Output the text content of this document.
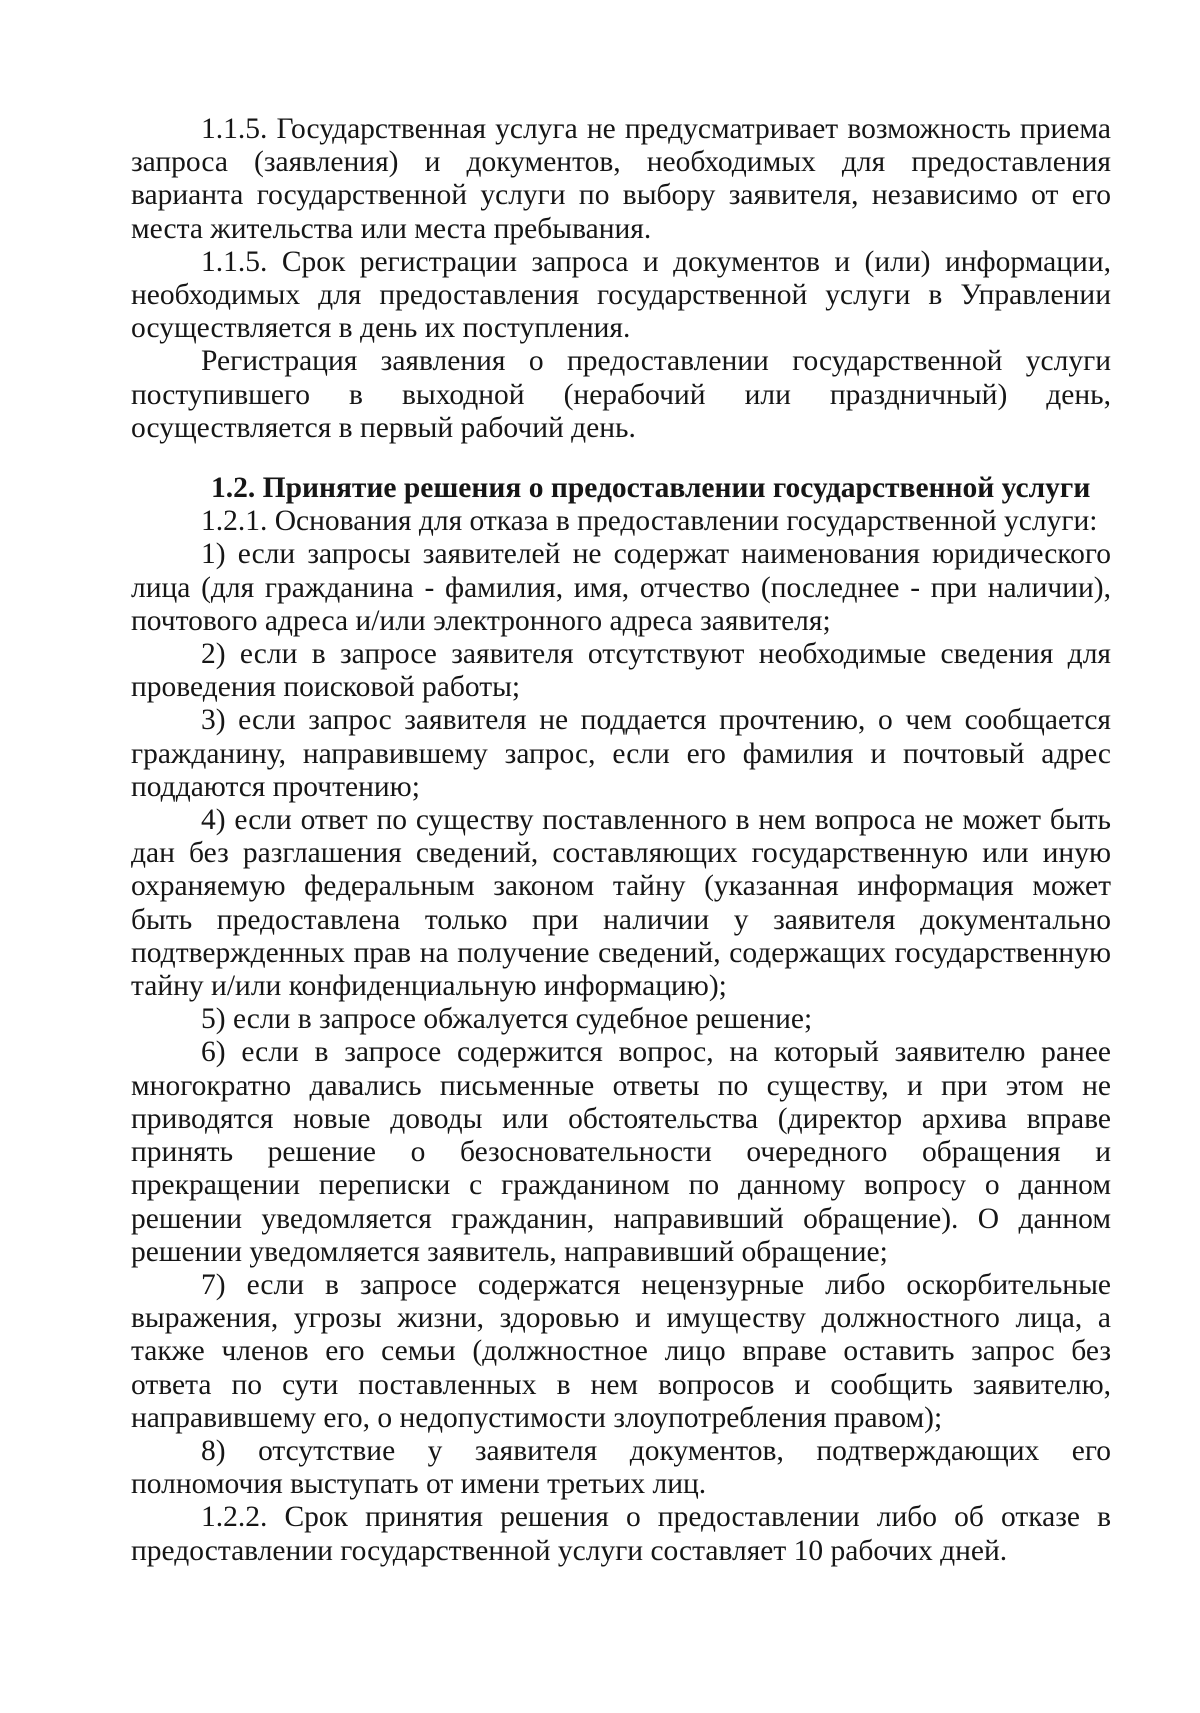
1.1.5. Государственная услуга не предусматривает возможность приема запроса (заявления) и документов, необходимых для предоставления варианта государственной услуги по выбору заявителя, независимо от его места жительства или места пребывания.

1.1.5. Срок регистрации запроса и документов и (или) информации, необходимых для предоставления государственной услуги в Управлении осуществляется в день их поступления.

Регистрация заявления о предоставлении государственной услуги поступившего в выходной (нерабочий или праздничный) день, осуществляется в первый рабочий день.

1.2. Принятие решения о предоставлении государственной услуги

1.2.1. Основания для отказа в предоставлении государственной услуги:

1) если запросы заявителей не содержат наименования юридического лица (для гражданина - фамилия, имя, отчество (последнее - при наличии), почтового адреса и/или электронного адреса заявителя;

2) если в запросе заявителя отсутствуют необходимые сведения для проведения поисковой работы;

3) если запрос заявителя не поддается прочтению, о чем сообщается гражданину, направившему запрос, если его фамилия и почтовый адрес поддаются прочтению;

4) если ответ по существу поставленного в нем вопроса не может быть дан без разглашения сведений, составляющих государственную или иную охраняемую федеральным законом тайну (указанная информация может быть предоставлена только при наличии у заявителя документально подтвержденных прав на получение сведений, содержащих государственную тайну и/или конфиденциальную информацию);

5) если в запросе обжалуется судебное решение;

6) если в запросе содержится вопрос, на который заявителю ранее многократно давались письменные ответы по существу, и при этом не приводятся новые доводы или обстоятельства (директор архива вправе принять решение о безосновательности очередного обращения и прекращении переписки с гражданином по данному вопросу о данном решении уведомляется гражданин, направивший обращение). О данном решении уведомляется заявитель, направивший обращение;

7) если в запросе содержатся нецензурные либо оскорбительные выражения, угрозы жизни, здоровью и имуществу должностного лица, а также членов его семьи (должностное лицо вправе оставить запрос без ответа по сути поставленных в нем вопросов и сообщить заявителю, направившему его, о недопустимости злоупотребления правом);

8) отсутствие у заявителя документов, подтверждающих его полномочия выступать от имени третьих лиц.

1.2.2. Срок принятия решения о предоставлении либо об отказе в предоставлении государственной услуги составляет 10 рабочих дней.
